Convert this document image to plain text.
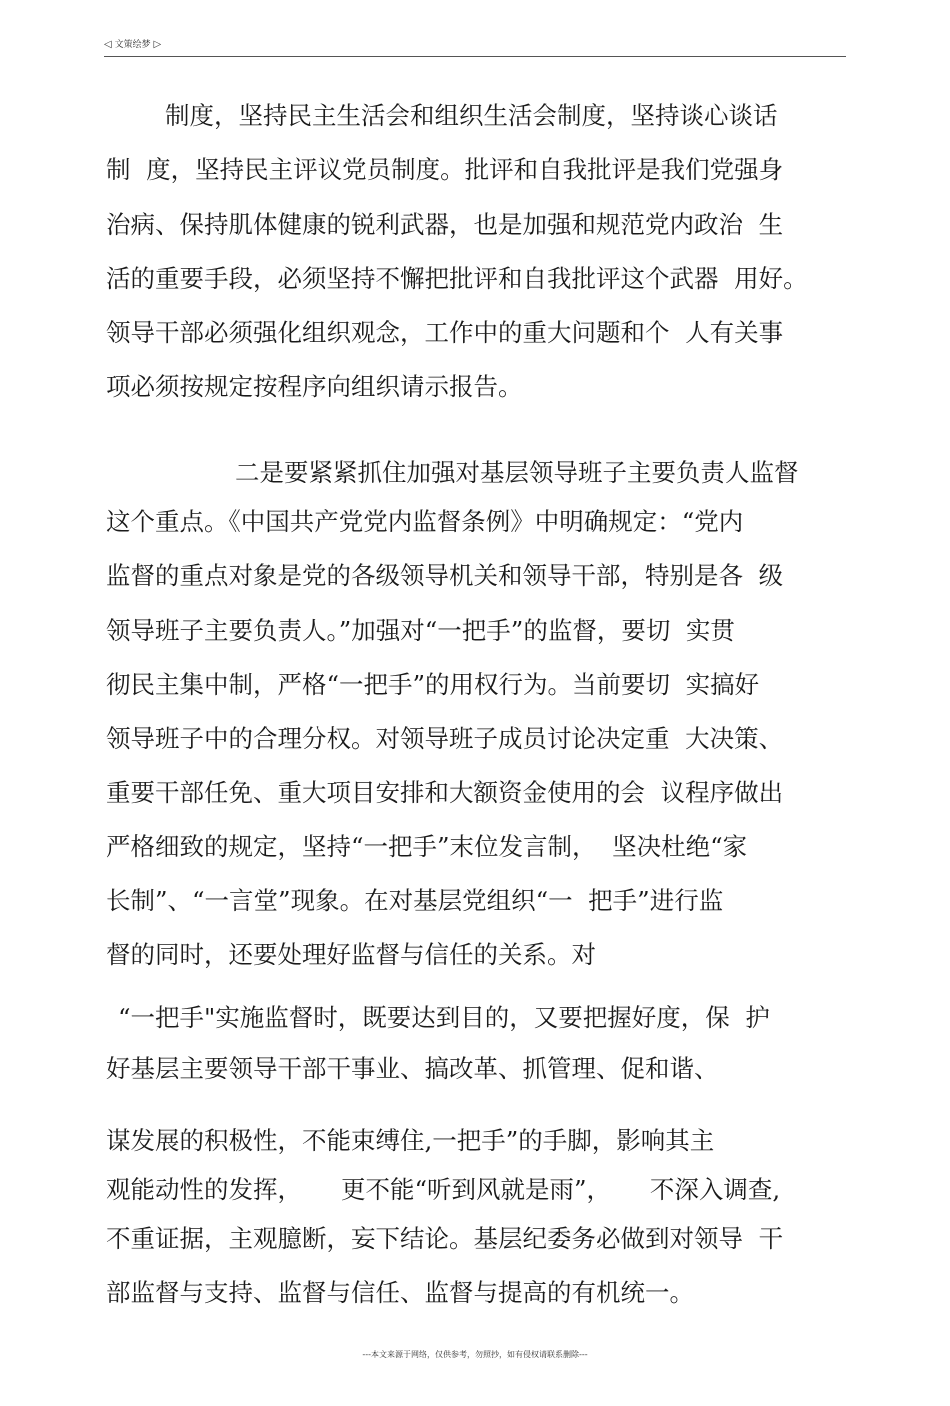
◁ 文策绘梦 ▷
制度，坚持民主生活会和组织生活会制度，坚持谈心谈话
制  度，坚持民主评议党员制度。批评和自我批评是我们党强身
治病、保持肌体健康的锐利武器，也是加强和规范党内政治  生
活的重要手段，必须坚持不懈把批评和自我批评这个武器  用好。
领导干部必须强化组织观念，工作中的重大问题和个  人有关事
项必须按规定按程序向组织请示报告。
二是要紧紧抓住加强对基层领导班子主要负责人监督
这个重点。《中国共产党党内监督条例》中明确规定：“党内
监督的重点对象是党的各级领导机关和领导干部，特别是各  级
领导班子主要负责人。”加强对“一把手”的监督，要切  实贯
彻民主集中制，严格“一把手”的用权行为。当前要切  实搞好
领导班子中的合理分权。对领导班子成员讨论决定重  大决策、
重要干部任免、重大项目安排和大额资金使用的会  议程序做出
严格细致的规定，坚持“一把手”末位发言制，  坚决杜绝“家
长制”、“一言堂”现象。在对基层党组织“一  把手”进行监
督的同时，还要处理好监督与信任的关系。对
“一把手"实施监督时，既要达到目的，又要把握好度，保  护
好基层主要领导干部干事业、搞改革、抓管理、促和谐、
谋发展的积极性，不能束缚住,一把手”的手脚，影响其主
观能动性的发挥，     更不能“听到风就是雨”，     不深入调查,
不重证据，主观臆断，妄下结论。基层纪委务必做到对领导  干
部监督与支持、监督与信任、监督与提高的有机统一。
---本文来源于网络，仅供参考，勿照抄，如有侵权请联系删除---
